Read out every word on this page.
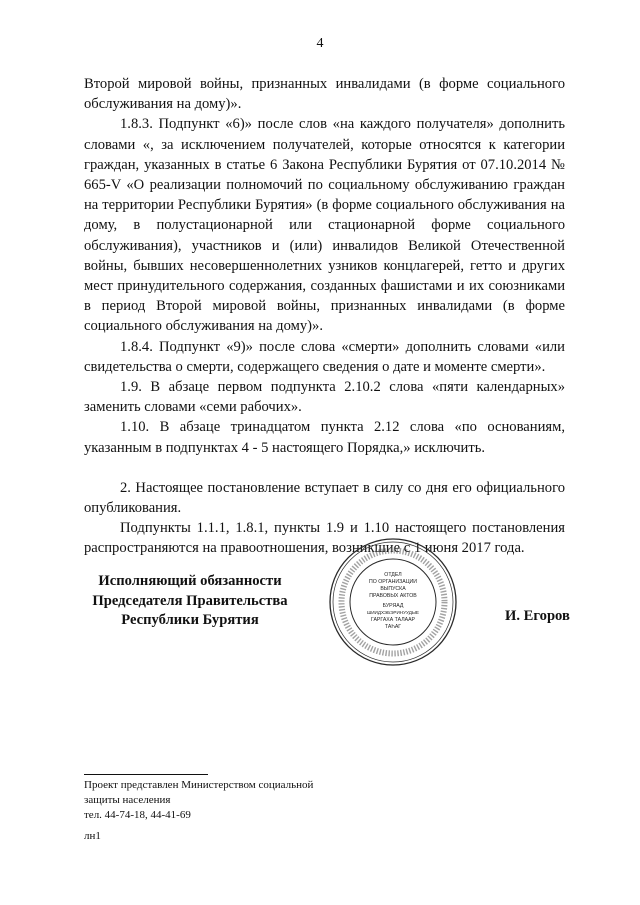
4

Второй мировой войны, признанных инвалидами (в форме социального обслуживания на дому)».

1.8.3. Подпункт «6)» после слов «на каждого получателя» дополнить словами «, за исключением получателей, которые относятся к категории граждан, указанных в статье 6 Закона Республики Бурятия от 07.10.2014 № 665-V «О реализации полномочий по социальному обслуживанию граждан на территории Республики Бурятия» (в форме социального обслуживания на дому, в полустационарной или стационарной форме социального обслуживания), участников и (или) инвалидов Великой Отечественной войны, бывших несовершеннолетних узников концлагерей, гетто и других мест принудительного содержания, созданных фашистами и их союзниками в период Второй мировой войны, признанных инвалидами (в форме социального обслуживания на дому)».

1.8.4. Подпункт «9)» после слова «смерти» дополнить словами «или свидетельства о смерти, содержащего сведения о дате и моменте смерти».

1.9. В абзаце первом подпункта 2.10.2 слова «пяти календарных» заменить словами «семи рабочих».

1.10. В абзаце тринадцатом пункта 2.12 слова «по основаниям, указанным в подпунктах 4 - 5 настоящего Порядка,» исключить.

2. Настоящее постановление вступает в силу со дня его официального опубликования.

Подпункты 1.1.1, 1.8.1, пункты 1.9 и 1.10 настоящего постановления распространяются на правоотношения, возникшие с 1 июня 2017 года.

Исполняющий обязанности
Председателя Правительства
Республики Бурятия
ОТДЕЛ
ПО ОРГАНИЗАЦИИ
ВЫПУСКА
ПРАВОВЫХ АКТОВ
БУРЯАД
ШИИДХЭБЭРИНУУДЫЕ
ГАРГАХА ТАЛААР
ТАҺАГ
И. Егоров
Проект представлен Министерством социальной
защиты населения
тел. 44-74-18, 44-41-69
лн1
